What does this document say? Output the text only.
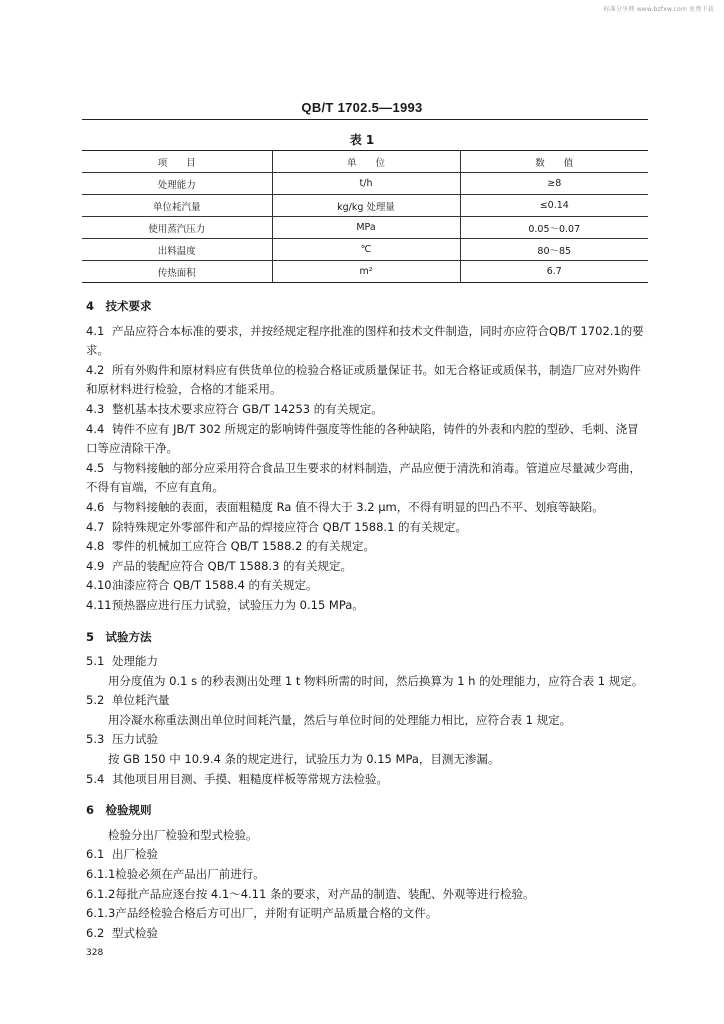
标准分享网 www.bzfxw.com 免费下载
QB/T 1702.5—1993
表 1
项　　目	单　　位	数　　值
处理能力	t/h	≥8
单位耗汽量	kg/kg 处理量	≤0.14
使用蒸汽压力	MPa	0.05～0.07
出料温度	℃	80～85
传热面积	m²	6.7

4　技术要求

4.1 产品应符合本标准的要求，并按经规定程序批准的图样和技术文件制造，同时亦应符合QB/T 1702.1的要求。

4.2 所有外购件和原材料应有供货单位的检验合格证或质量保证书。如无合格证或质保书，制造厂应对外购件和原材料进行检验，合格的才能采用。

4.3 整机基本技术要求应符合 GB/T 14253 的有关规定。

4.4 铸件不应有 JB/T 302 所规定的影响铸件强度等性能的各种缺陷，铸件的外表和内腔的型砂、毛刺、浇冒口等应清除干净。

4.5 与物料接触的部分应采用符合食品卫生要求的材料制造，产品应便于清洗和消毒。管道应尽量减少弯曲，不得有盲端，不应有直角。

4.6 与物料接触的表面，表面粗糙度 Ra 值不得大于 3.2 μm，不得有明显的凹凸不平、划痕等缺陷。

4.7 除特殊规定外零部件和产品的焊接应符合 QB/T 1588.1 的有关规定。

4.8 零件的机械加工应符合 QB/T 1588.2 的有关规定。

4.9 产品的装配应符合 QB/T 1588.3 的有关规定。

4.10油漆应符合 QB/T 1588.4 的有关规定。

4.11预热器应进行压力试验，试验压力为 0.15 MPa。

5　试验方法

5.1 处理能力

用分度值为 0.1 s 的秒表测出处理 1 t 物料所需的时间，然后换算为 1 h 的处理能力，应符合表 1 规定。

5.2 单位耗汽量

用冷凝水称重法测出单位时间耗汽量，然后与单位时间的处理能力相比，应符合表 1 规定。

5.3 压力试验

按 GB 150 中 10.9.4 条的规定进行，试验压力为 0.15 MPa，目测无渗漏。

5.4 其他项目用目测、手摸、粗糙度样板等常规方法检验。

6　检验规则

检验分出厂检验和型式检验。

6.1 出厂检验

6.1.1检验必须在产品出厂前进行。

6.1.2每批产品应逐台按 4.1～4.11 条的要求，对产品的制造、装配、外观等进行检验。

6.1.3产品经检验合格后方可出厂，并附有证明产品质量合格的文件。

6.2 型式检验

328
